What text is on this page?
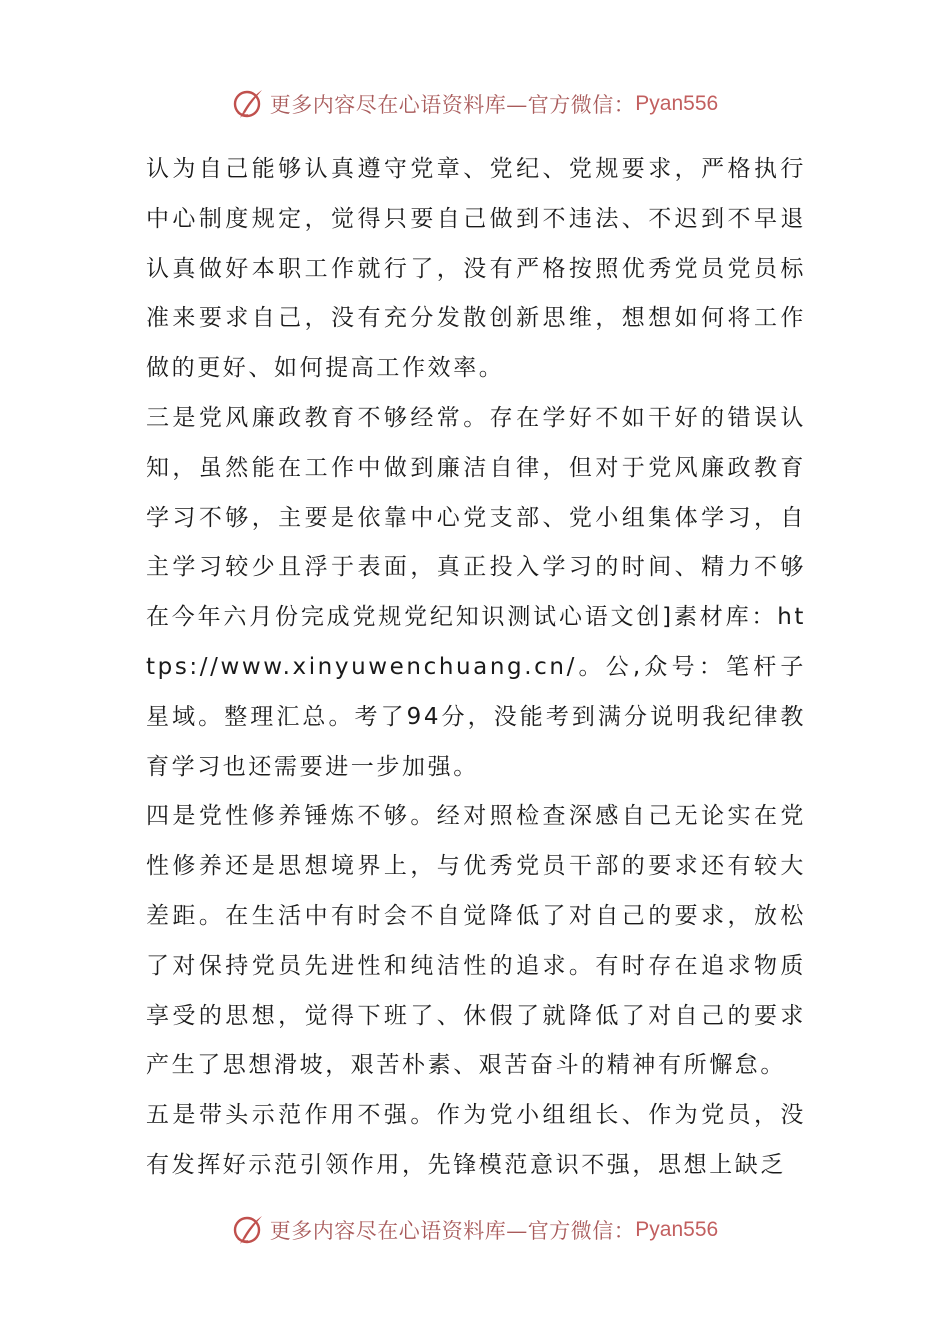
更多内容尽在心语资料库—官方微信： Pyan556

认为自己能够认真遵守党章、党纪、党规要求，严格执行中心制度规定，觉得只要自己做到不违法、不迟到不早退认真做好本职工作就行了，没有严格按照优秀党员党员标准来要求自己，没有充分发散创新思维，想想如何将工作做的更好、如何提高工作效率。

三是党风廉政教育不够经常。存在学好不如干好的错误认知，虽然能在工作中做到廉洁自律，但对于党风廉政教育学习不够，主要是依靠中心党支部、党小组集体学习，自主学习较少且浮于表面，真正投入学习的时间、精力不够在今年六月份完成党规党纪知识测试心语文创]素材库：https://www.xinyuwenchuang.cn/。公,众号：笔杆子星域。整理汇总。考了94分，没能考到满分说明我纪律教育学习也还需要进一步加强。

四是党性修养锤炼不够。经对照检查深感自己无论实在党性修养还是思想境界上，与优秀党员干部的要求还有较大差距。在生活中有时会不自觉降低了对自己的要求，放松了对保持党员先进性和纯洁性的追求。有时存在追求物质享受的思想，觉得下班了、休假了就降低了对自己的要求产生了思想滑坡，艰苦朴素、艰苦奋斗的精神有所懈怠。

五是带头示范作用不强。作为党小组组长、作为党员，没有发挥好示范引领作用，先锋模范意识不强，思想上缺乏

更多内容尽在心语资料库—官方微信： Pyan556
